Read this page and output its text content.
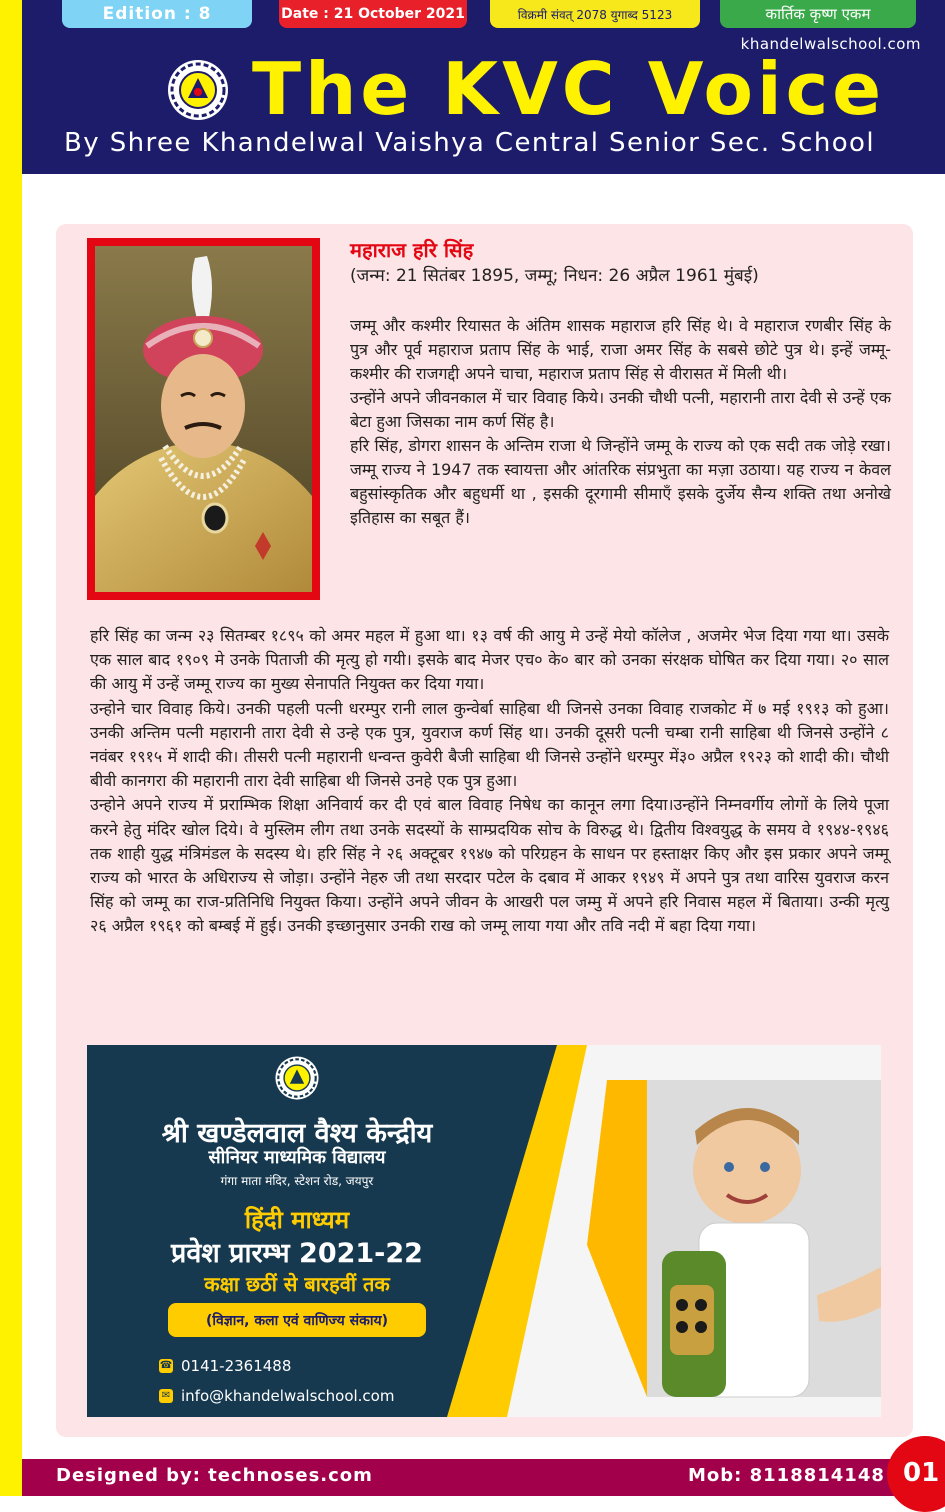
Edition : 8	Date : 21 October 2021	विक्रमी संवत् 2078 युगाब्द 5123	कार्तिक कृष्ण एकम
khandelwalschool.com
The KVC Voice
By Shree Khandelwal Vaishya Central Senior Sec. School
महाराज हरि सिंह
(जन्म: 21 सितंबर 1895, जम्मू; निधन: 26 अप्रैल 1961 मुंबई)

जम्मू और कश्मीर रियासत के अंतिम शासक महाराज हरि सिंह थे। वे महाराज रणबीर सिंह के पुत्र और पूर्व महाराज प्रताप सिंह के भाई, राजा अमर सिंह के सबसे छोटे पुत्र थे। इन्हें जम्मू-कश्मीर की राजगद्दी अपने चाचा, महाराज प्रताप सिंह से वीरासत में मिली थी।

उन्होंने अपने जीवनकाल में चार विवाह किये। उनकी चौथी पत्नी, महारानी तारा देवी से उन्हें एक बेटा हुआ जिसका नाम कर्ण सिंह है।

हरि सिंह, डोगरा शासन के अन्तिम राजा थे जिन्होंने जम्मू के राज्य को एक सदी तक जोड़े रखा।जम्मू राज्य ने 1947 तक स्वायत्ता और आंतरिक संप्रभुता का मज़ा उठाया। यह राज्य न केवल बहुसांस्कृतिक और बहुधर्मी था , इसकी दूरगामी सीमाएँ इसके दुर्जेय सैन्य शक्ति तथा अनोखे इतिहास का सबूत हैं।

हरि सिंह का जन्म २३ सितम्बर १८९५ को अमर महल में हुआ था। १३ वर्ष की आयु मे उन्हें मेयो कॉलेज , अजमेर भेज दिया गया था। उसके एक साल बाद १९०९ मे उनके पिताजी की मृत्यु हो गयी। इसके बाद मेजर एच० के० बार को उनका संरक्षक घोषित कर दिया गया। २० साल की आयु में उन्हें जम्मू राज्य का मुख्य सेनापति नियुक्त कर दिया गया।

उन्होने चार विवाह किये। उनकी पहली पत्नी धरम्पुर रानी लाल कुन्वेर्बा साहिबा थी जिनसे उनका विवाह राजकोट में ७ मई १९१३ को हुआ।उनकी अन्तिम पत्नी महारानी तारा देवी से उन्हे एक पुत्र, युवराज कर्ण सिंह था। उनकी दूसरी पत्नी चम्बा रानी साहिबा थी जिनसे उन्होंने ८ नवंबर १९१५ में शादी की। तीसरी पत्नी महारानी धन्वन्त कुवेरी बैजी साहिबा थी जिनसे उन्होंने धरम्पुर में३० अप्रैल १९२३ को शादी की। चौथी बीवी कानगरा की महारानी तारा देवी साहिबा थी जिनसे उनहे एक पुत्र हुआ।

उन्होने अपने राज्य में प्रराम्भिक शिक्षा अनिवार्य कर दी एवं बाल विवाह निषेध का कानून लगा दिया।उन्होंने निम्नवर्गीय लोगों के लिये पूजा करने हेतु मंदिर खोल दिये। वे मुस्लिम लीग तथा उनके सदस्यों के साम्प्रदयिक सोच के विरुद्ध थे। द्वितीय विश्वयुद्ध के समय वे १९४४-१९४६ तक शाही युद्ध मंत्रिमंडल के सदस्य थे। हरि सिंह ने २६ अक्टूबर १९४७ को परिग्रहन के साधन पर हस्ताक्षर किए और इस प्रकार अपने जम्मू राज्य को भारत के अधिराज्य से जोड़ा। उन्होंने नेहरु जी तथा सरदार पटेल के दबाव में आकर १९४९ में अपने पुत्र तथा वारिस युवराज करन सिंह को जम्मू का राज-प्रतिनिधि नियुक्त किया। उन्होंने अपने जीवन के आखरी पल जम्मु में अपने हरि निवास महल में बिताया। उन्की मृत्यु २६ अप्रैल १९६१ को बम्बई में हुई। उनकी इच्छानुसार उनकी राख को जम्मू लाया गया और तवि नदी में बहा दिया गया।

श्री खण्डेलवाल वैश्य केन्द्रीय
सीनियर माध्यमिक विद्यालय
गंगा माता मंदिर, स्टेशन रोड, जयपुर
हिंदी माध्यम
प्रवेश प्रारम्भ 2021-22
कक्षा छठीं से बारहवीं तक
(विज्ञान, कला एवं वाणिज्य संकाय)
☎ 0141-2361488
✉ info@khandelwalschool.com
Designed by: technoses.com	Mob: 8118814148 01
